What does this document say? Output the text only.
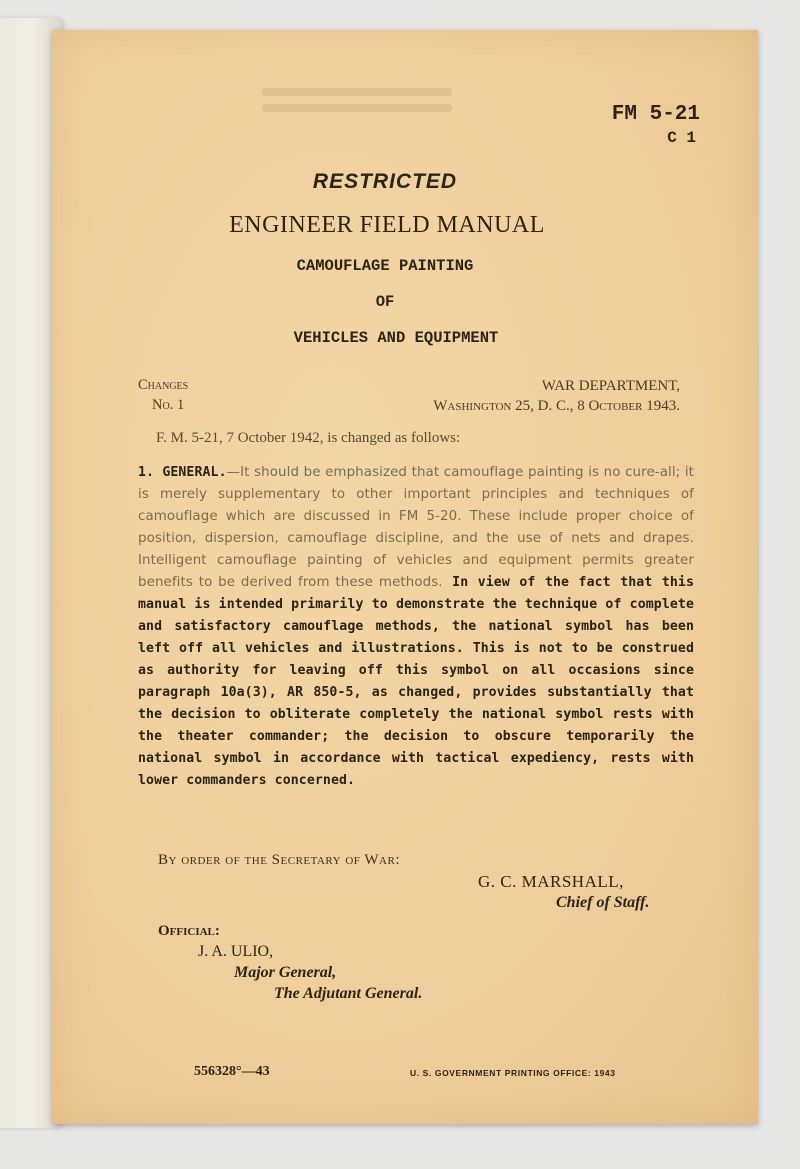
FM 5-21
C 1
RESTRICTED
ENGINEER FIELD MANUAL
CAMOUFLAGE PAINTING
OF
VEHICLES AND EQUIPMENT
Changes
No. 1
WAR DEPARTMENT,
Washington 25, D. C., 8 October 1943.
F. M. 5-21, 7 October 1942, is changed as follows:
1. GENERAL.—It should be emphasized that camouflage painting is no cure-all; it is merely supplementary to other important principles and techniques of camouflage which are discussed in FM 5-20. These include proper choice of position, dispersion, camouflage discipline, and the use of nets and drapes. Intelligent camouflage painting of vehicles and equipment permits greater benefits to be derived from these methods. In view of the fact that this manual is intended primarily to demonstrate the technique of complete and satisfactory camouflage methods, the national symbol has been left off all vehicles and illustrations. This is not to be construed as authority for leaving off this symbol on all occasions since paragraph 10a(3), AR 850-5, as changed, provides substantially that the decision to obliterate completely the national symbol rests with the theater commander; the decision to obscure temporarily the national symbol in accordance with tactical expediency, rests with lower commanders concerned.
By order of the Secretary of War:
G. C. MARSHALL,
Chief of Staff.
Official:
J. A. ULIO,
Major General,
The Adjutant General.
556328°—43	U. S. GOVERNMENT PRINTING OFFICE: 1943
